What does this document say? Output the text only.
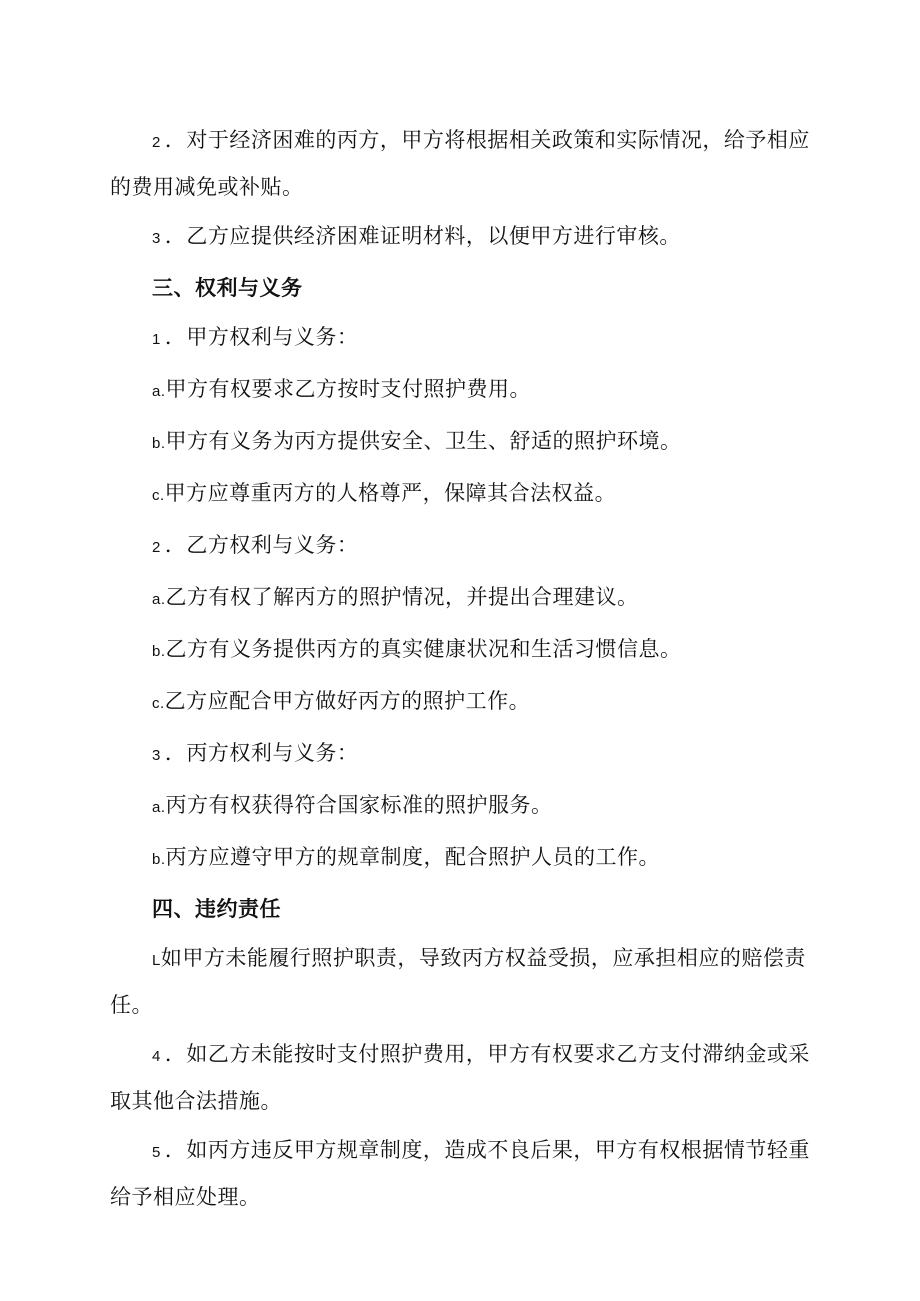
2 ．对于经济困难的丙方，甲方将根据相关政策和实际情况，给予相应的费用减免或补贴。

3 ．乙方应提供经济困难证明材料，以便甲方进行审核。

三、权利与义务

1 ．甲方权利与义务：

a.甲方有权要求乙方按时支付照护费用。

b.甲方有义务为丙方提供安全、卫生、舒适的照护环境。

c.甲方应尊重丙方的人格尊严，保障其合法权益。

2 ．乙方权利与义务：

a.乙方有权了解丙方的照护情况，并提出合理建议。

b.乙方有义务提供丙方的真实健康状况和生活习惯信息。

c.乙方应配合甲方做好丙方的照护工作。

3 ．丙方权利与义务：

a.丙方有权获得符合国家标准的照护服务。

b.丙方应遵守甲方的规章制度，配合照护人员的工作。

四、违约责任

L如甲方未能履行照护职责，导致丙方权益受损，应承担相应的赔偿责任。

4 ．如乙方未能按时支付照护费用，甲方有权要求乙方支付滞纳金或采取其他合法措施。

5 ．如丙方违反甲方规章制度，造成不良后果，甲方有权根据情节轻重给予相应处理。
